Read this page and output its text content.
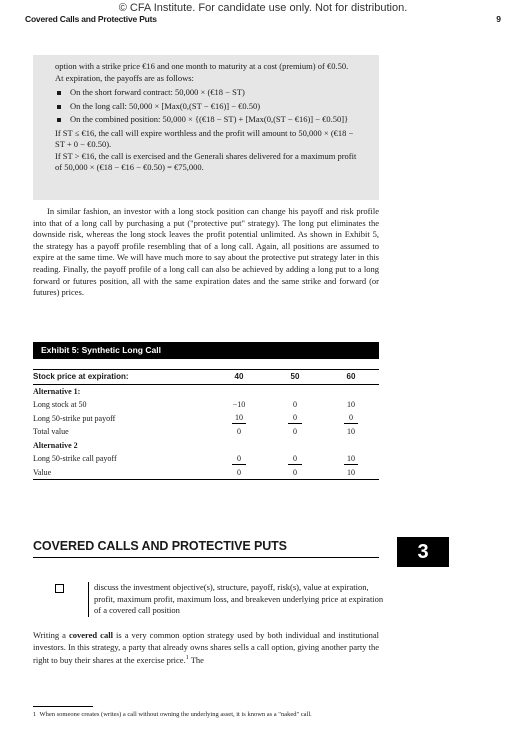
© CFA Institute. For candidate use only. Not for distribution.
Covered Calls and Protective Puts	9

option with a strike price €16 and one month to maturity at a cost (premium) of €0.50. At expiration, the payoffs are as follows:

On the short forward contract: 50,000 × (€18 − ST)
On the long call: 50,000 × [Max(0,(ST − €16)] − €0.50)
On the combined position: 50,000 × {(€18 − ST) + [Max(0,(ST − €16)] − €0.50]}

If ST ≤ €16, the call will expire worthless and the profit will amount to 50,000 × (€18 − ST + 0 − €0.50).

If ST > €16, the call is exercised and the Generali shares delivered for a maximum profit of 50,000 × (€18 − €16 − €0.50) = €75,000.

In similar fashion, an investor with a long stock position can change his payoff and risk profile into that of a long call by purchasing a put ("protective put" strategy). The long put eliminates the downside risk, whereas the long stock leaves the profit potential unlimited. As shown in Exhibit 5, the strategy has a payoff profile resembling that of a long call. Again, all positions are assumed to expire at the same time. We will have much more to say about the protective put strategy later in this reading. Finally, the payoff profile of a long call can also be achieved by adding a long put to a long forward or futures position, all with the same expiration dates and the same strike and forward (or futures) prices.

Exhibit 5: Synthetic Long Call
Stock price at expiration:	40	50	60
Alternative 1:			
Long stock at 50	−10	0	10
Long 50-strike put payoff	10	0	0
Total value	0	0	10
Alternative 2			
Long 50-strike call payoff	0	0	10
Value	0	0	10
COVERED CALLS AND PROTECTIVE PUTS	3

discuss the investment objective(s), structure, payoff, risk(s), value at expiration, profit, maximum profit, maximum loss, and breakeven underlying price at expiration of a covered call position

Writing a covered call is a very common option strategy used by both individual and institutional investors. In this strategy, a party that already owns shares sells a call option, giving another party the right to buy their shares at the exercise price.$^1$ The

1 When someone creates (writes) a call without owning the underlying asset, it is known as a "naked" call.
